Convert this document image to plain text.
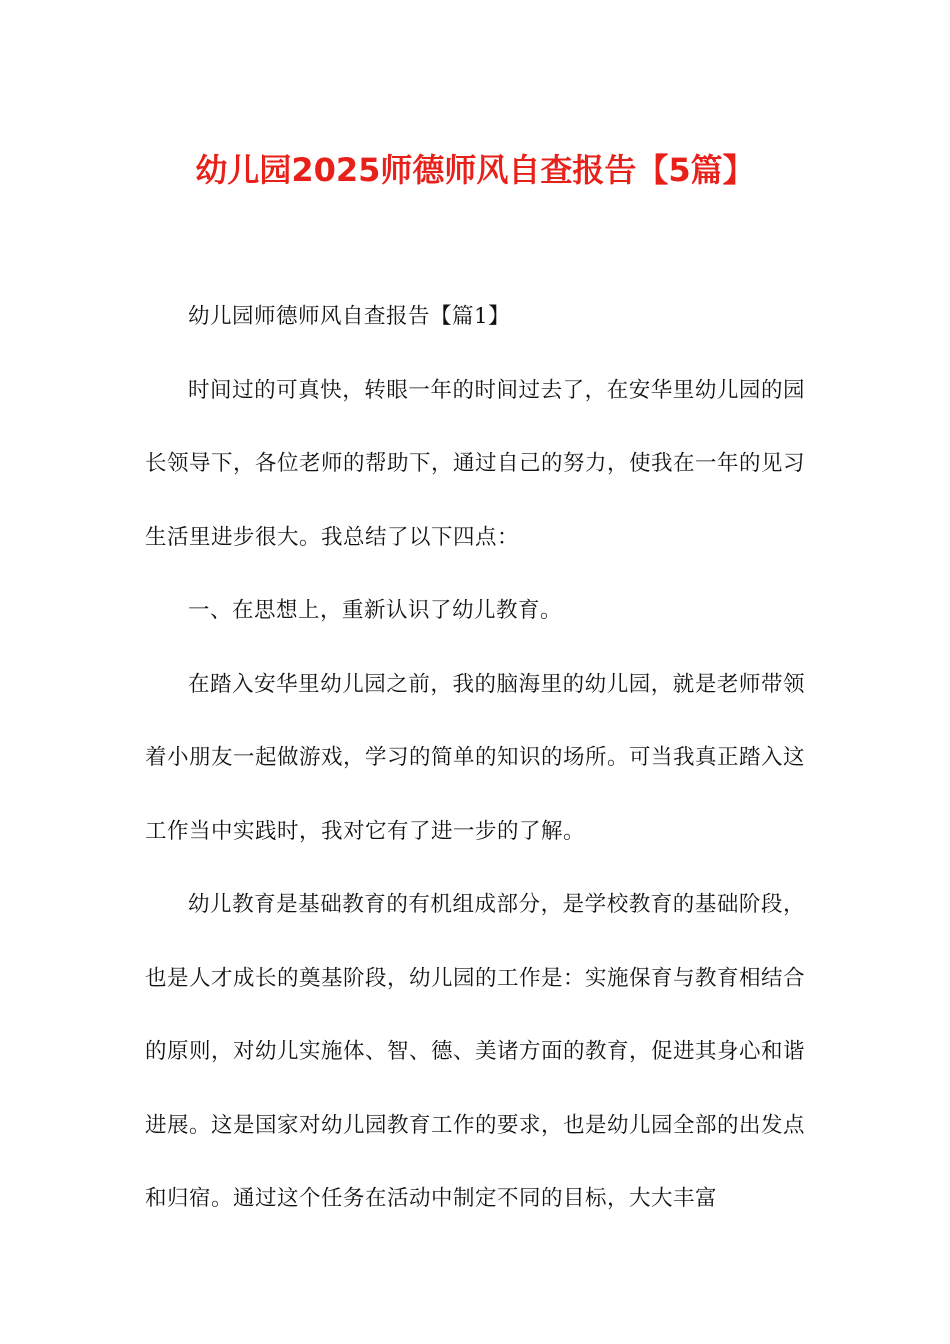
幼儿园2025师德师风自查报告【5篇】

幼儿园师德师风自查报告【篇1】

时间过的可真快，转眼一年的时间过去了，在安华里幼儿园的园长领导下，各位老师的帮助下，通过自己的努力，使我在一年的见习生活里进步很大。我总结了以下四点：

一、在思想上，重新认识了幼儿教育。

在踏入安华里幼儿园之前，我的脑海里的幼儿园，就是老师带领着小朋友一起做游戏，学习的简单的知识的场所。可当我真正踏入这工作当中实践时，我对它有了进一步的了解。

幼儿教育是基础教育的有机组成部分，是学校教育的基础阶段，也是人才成长的奠基阶段，幼儿园的工作是：实施保育与教育相结合的原则，对幼儿实施体、智、德、美诸方面的教育，促进其身心和谐进展。这是国家对幼儿园教育工作的要求，也是幼儿园全部的出发点和归宿。通过这个任务在活动中制定不同的目标，大大丰富
